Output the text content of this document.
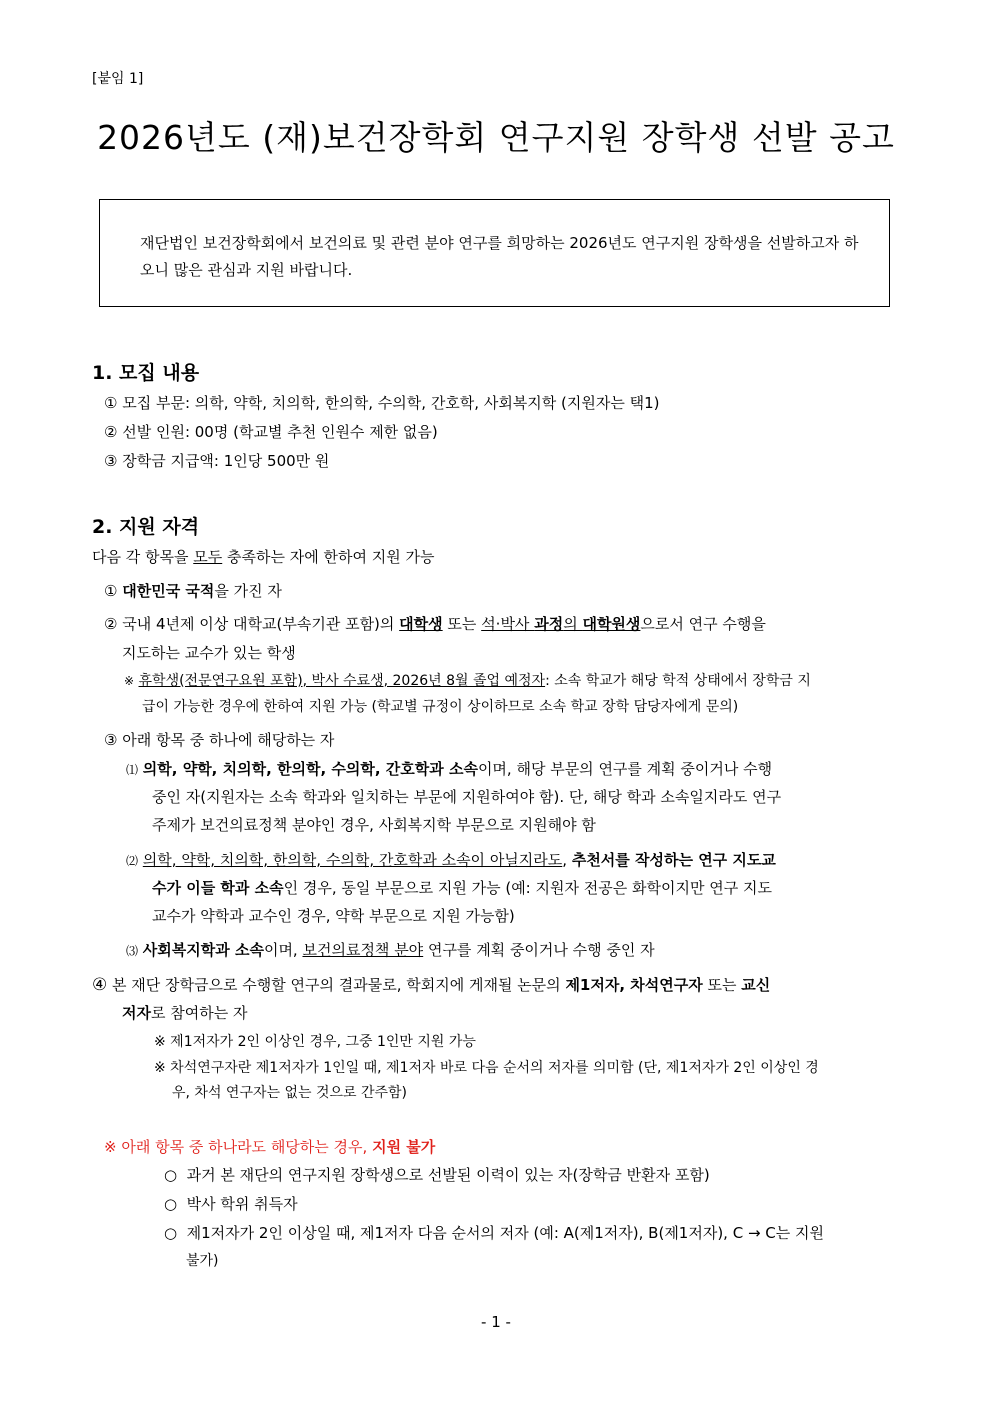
[붙임 1]
2026년도 (재)보건장학회 연구지원 장학생 선발 공고
재단법인 보건장학회에서 보건의료 및 관련 분야 연구를 희망하는 2026년도 연구지원 장학생을 선발하고자 하오니 많은 관심과 지원 바랍니다.
1. 모집 내용
① 모집 부문: 의학, 약학, 치의학, 한의학, 수의학, 간호학, 사회복지학 (지원자는 택1)
② 선발 인원: 00명 (학교별 추천 인원수 제한 없음)
③ 장학금 지급액: 1인당 500만 원
2. 지원 자격
다음 각 항목을 모두 충족하는 자에 한하여 지원 가능
① 대한민국 국적을 가진 자
② 국내 4년제 이상 대학교(부속기관 포함)의 대학생 또는 석·박사 과정의 대학원생으로서 연구 수행을
지도하는 교수가 있는 학생
※ 휴학생(전문연구요원 포함), 박사 수료생, 2026년 8월 졸업 예정자: 소속 학교가 해당 학적 상태에서 장학금 지
급이 가능한 경우에 한하여 지원 가능 (학교별 규정이 상이하므로 소속 학교 장학 담당자에게 문의)
③ 아래 항목 중 하나에 해당하는 자
⑴ 의학, 약학, 치의학, 한의학, 수의학, 간호학과 소속이며, 해당 부문의 연구를 계획 중이거나 수행
중인 자(지원자는 소속 학과와 일치하는 부문에 지원하여야 함). 단, 해당 학과 소속일지라도 연구
주제가 보건의료정책 분야인 경우, 사회복지학 부문으로 지원해야 함
⑵ 의학, 약학, 치의학, 한의학, 수의학, 간호학과 소속이 아닐지라도, 추천서를 작성하는 연구 지도교
수가 이들 학과 소속인 경우, 동일 부문으로 지원 가능 (예: 지원자 전공은 화학이지만 연구 지도
교수가 약학과 교수인 경우, 약학 부문으로 지원 가능함)
⑶ 사회복지학과 소속이며, 보건의료정책 분야 연구를 계획 중이거나 수행 중인 자
④ 본 재단 장학금으로 수행할 연구의 결과물로, 학회지에 게재될 논문의 제1저자, 차석연구자 또는 교신
저자로 참여하는 자
※ 제1저자가 2인 이상인 경우, 그중 1인만 지원 가능
※ 차석연구자란 제1저자가 1인일 때, 제1저자 바로 다음 순서의 저자를 의미함 (단, 제1저자가 2인 이상인 경
우, 차석 연구자는 없는 것으로 간주함)
※ 아래 항목 중 하나라도 해당하는 경우, 지원 불가
○ 과거 본 재단의 연구지원 장학생으로 선발된 이력이 있는 자(장학금 반환자 포함)
○ 박사 학위 취득자
○ 제1저자가 2인 이상일 때, 제1저자 다음 순서의 저자 (예: A(제1저자), B(제1저자), C → C는 지원
불가)
- 1 -
